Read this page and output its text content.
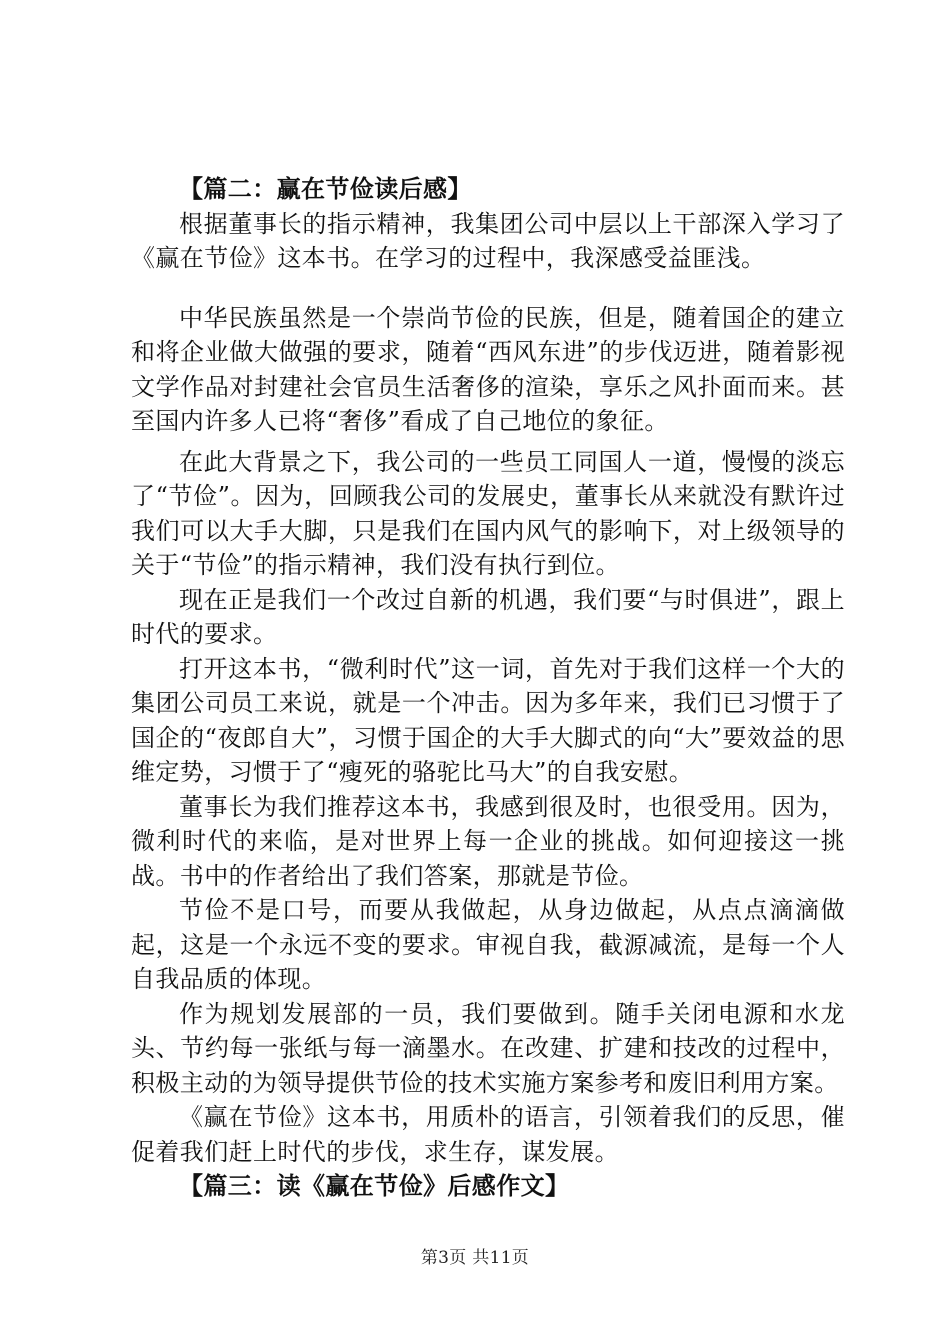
【篇二：赢在节俭读后感】

根据董事长的指示精神，我集团公司中层以上干部深入学习了《赢在节俭》这本书。在学习的过程中，我深感受益匪浅。

中华民族虽然是一个崇尚节俭的民族，但是，随着国企的建立和将企业做大做强的要求，随着“西风东进”的步伐迈进，随着影视文学作品对封建社会官员生活奢侈的渲染，享乐之风扑面而来。甚至国内许多人已将“奢侈”看成了自己地位的象征。

在此大背景之下，我公司的一些员工同国人一道，慢慢的淡忘了“节俭”。因为，回顾我公司的发展史，董事长从来就没有默许过我们可以大手大脚，只是我们在国内风气的影响下，对上级领导的关于“节俭”的指示精神，我们没有执行到位。

现在正是我们一个改过自新的机遇，我们要“与时俱进”，跟上时代的要求。

打开这本书，“微利时代”这一词，首先对于我们这样一个大的集团公司员工来说，就是一个冲击。因为多年来，我们已习惯于了国企的“夜郎自大”，习惯于国企的大手大脚式的向“大”要效益的思维定势，习惯于了“瘦死的骆驼比马大”的自我安慰。

董事长为我们推荐这本书，我感到很及时，也很受用。因为，微利时代的来临，是对世界上每一企业的挑战。如何迎接这一挑战。书中的作者给出了我们答案，那就是节俭。

节俭不是口号，而要从我做起，从身边做起，从点点滴滴做起，这是一个永远不变的要求。审视自我，截源减流，是每一个人自我品质的体现。

作为规划发展部的一员，我们要做到。随手关闭电源和水龙头、节约每一张纸与每一滴墨水。在改建、扩建和技改的过程中，积极主动的为领导提供节俭的技术实施方案参考和废旧利用方案。

《赢在节俭》这本书，用质朴的语言，引领着我们的反思，催促着我们赶上时代的步伐，求生存，谋发展。

【篇三：读《赢在节俭》后感作文】

第3页 共11页
